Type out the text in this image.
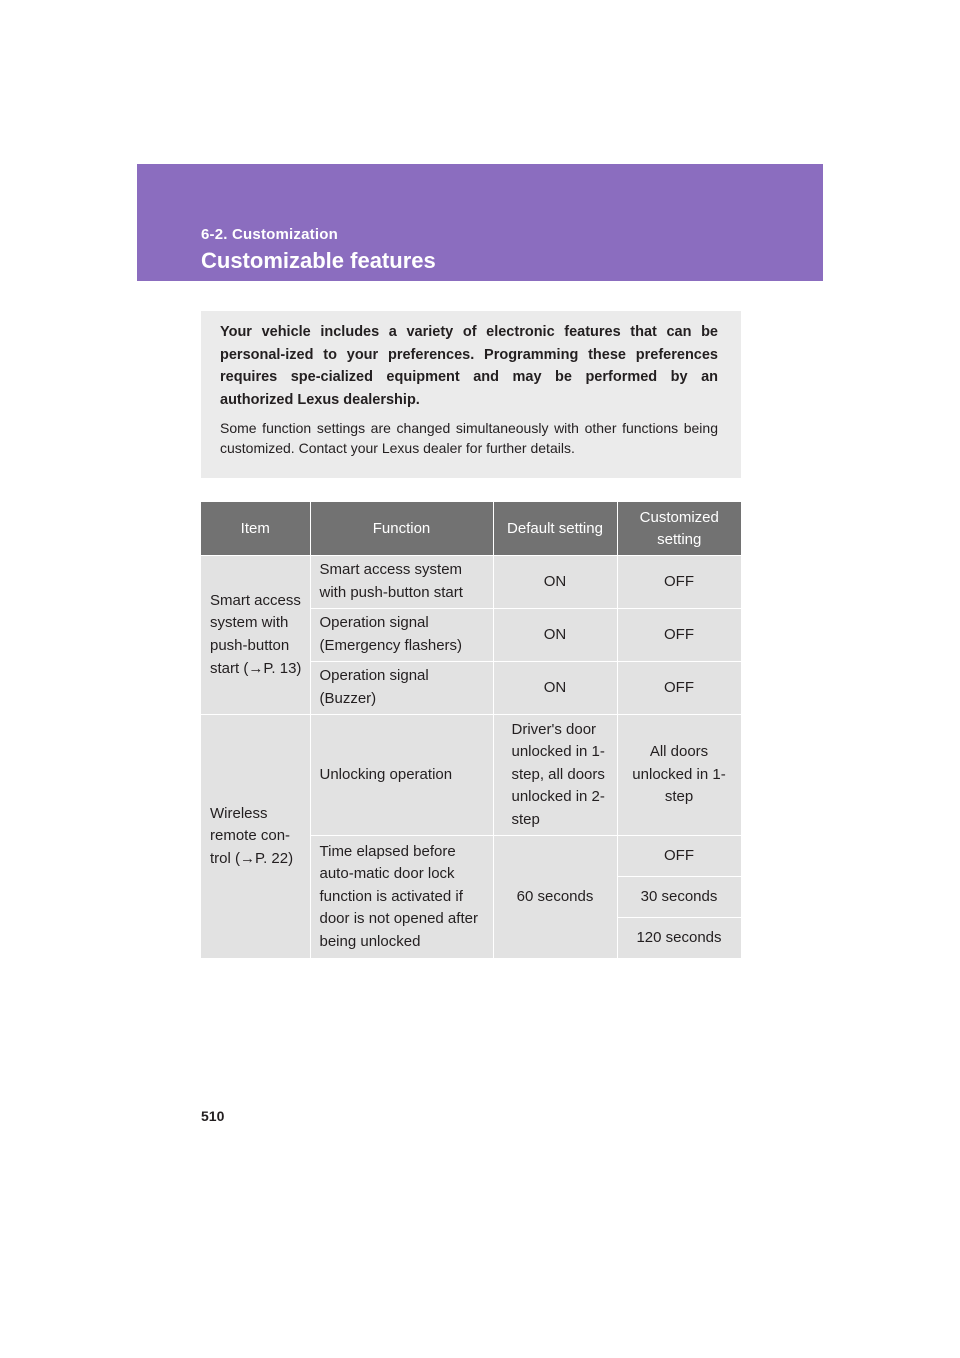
6-2. Customization
Customizable features

Your vehicle includes a variety of electronic features that can be personal-ized to your preferences. Programming these preferences requires spe-cialized equipment and may be performed by an authorized Lexus dealership.

Some function settings are changed simultaneously with other functions being customized. Contact your Lexus dealer for further details.

Item	Function	Default setting	Customized setting
Smart access system with push-button start (→P. 13)	Smart access system with push-button start	ON	OFF
	Operation signal (Emergency flashers)	ON	OFF
	Operation signal (Buzzer)	ON	OFF
Wireless remote con-trol (→P. 22)	Unlocking operation	Driver's door unlocked in 1-step, all doors unlocked in 2-step	All doors unlocked in 1-step
	Time elapsed before auto-matic door lock function is activated if door is not opened after being unlocked	60 seconds	OFF
			30 seconds
			120 seconds
510
